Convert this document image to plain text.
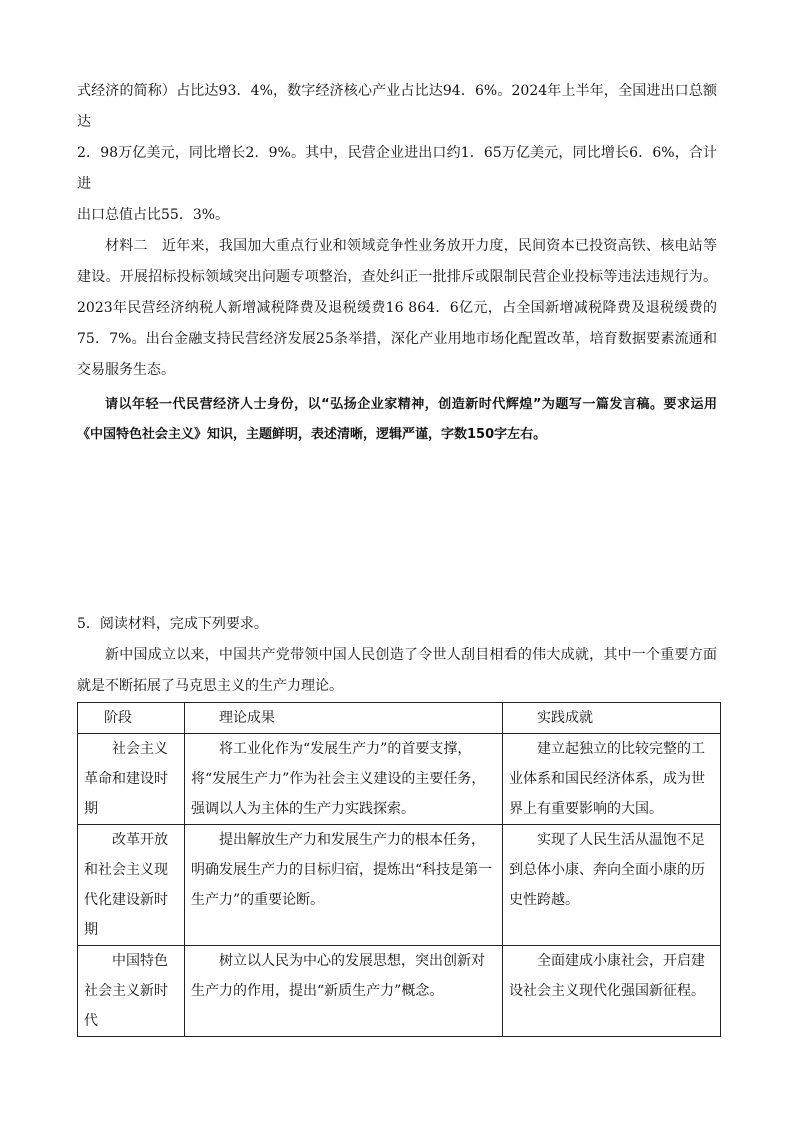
式经济的简称）占比达93．4%，数字经济核心产业占比达94．6%。2024年上半年，全国进出口总额达

2．98万亿美元，同比增长2．9%。其中，民营企业进出口约1．65万亿美元，同比增长6．6%，合计进

出口总值占比55．3%。

材料二　近年来，我国加大重点行业和领域竞争性业务放开力度，民间资本已投资高铁、核电站等建设。开展招标投标领域突出问题专项整治，查处纠正一批排斥或限制民营企业投标等违法违规行为。2023年民营经济纳税人新增减税降费及退税缓费16 864．6亿元，占全国新增减税降费及退税缓费的75．7%。出台金融支持民营经济发展25条举措，深化产业用地市场化配置改革，培育数据要素流通和交易服务生态。

请以年轻一代民营经济人士身份，以“弘扬企业家精神，创造新时代辉煌”为题写一篇发言稿。要求运用《中国特色社会主义》知识，主题鲜明，表述清晰，逻辑严谨，字数150字左右。

5．阅读材料，完成下列要求。

新中国成立以来，中国共产党带领中国人民创造了令世人刮目相看的伟大成就，其中一个重要方面就是不断拓展了马克思主义的生产力理论。

阶段	理论成果	实践成就
社会主义革命和建设时期	将工业化作为“发展生产力”的首要支撑，将“发展生产力”作为社会主义建设的主要任务，强调以人为主体的生产力实践探索。	建立起独立的比较完整的工业体系和国民经济体系，成为世界上有重要影响的大国。
改革开放和社会主义现代化建设新时期	提出解放生产力和发展生产力的根本任务，明确发展生产力的目标归宿，提炼出“科技是第一生产力”的重要论断。	实现了人民生活从温饱不足到总体小康、奔向全面小康的历史性跨越。
中国特色社会主义新时代	树立以人民为中心的发展思想，突出创新对生产力的作用，提出“新质生产力”概念。	全面建成小康社会，开启建设社会主义现代化强国新征程。
